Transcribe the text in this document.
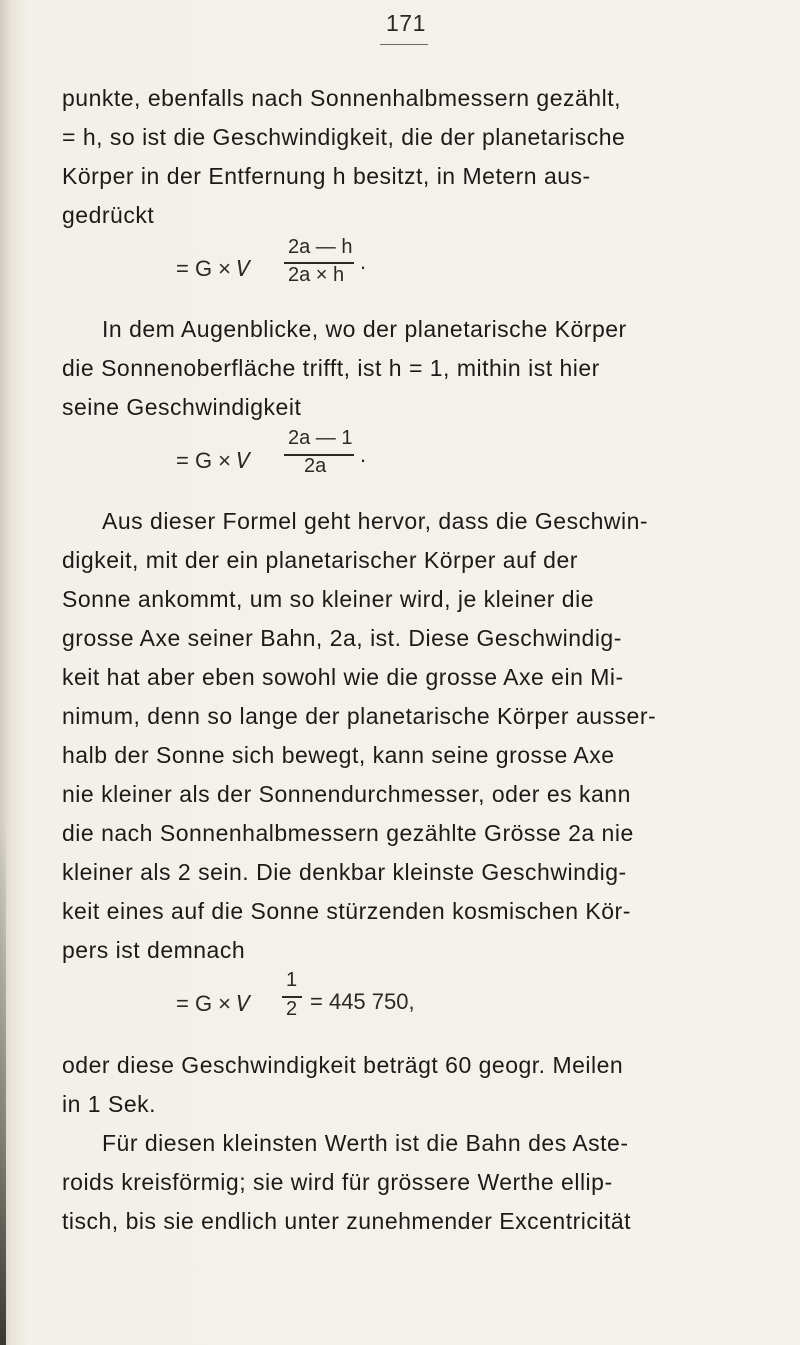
171
punkte, ebenfalls nach Sonnenhalbmessern gezählt,
= h, so ist die Geschwindigkeit, die der planetarische
Körper in der Entfernung h besitzt, in Metern aus-
gedrückt
= G × 𝑉
2a — h
2a × h
.
In dem Augenblicke, wo der planetarische Körper
die Sonnenoberfläche trifft, ist h = 1, mithin ist hier
seine Geschwindigkeit
= G × 𝑉
2a — 1
2a .
Aus dieser Formel geht hervor, dass die Geschwin-
digkeit, mit der ein planetarischer Körper auf der
Sonne ankommt, um so kleiner wird, je kleiner die
grosse Axe seiner Bahn, 2a, ist. Diese Geschwindig-
keit hat aber eben sowohl wie die grosse Axe ein Mi-
nimum, denn so lange der planetarische Körper ausser-
halb der Sonne sich bewegt, kann seine grosse Axe
nie kleiner als der Sonnendurchmesser, oder es kann
die nach Sonnenhalbmessern gezählte Grösse 2a nie
kleiner als 2 sein. Die denkbar kleinste Geschwindig-
keit eines auf die Sonne stürzenden kosmischen Kör-
pers ist demnach
= G × 𝑉
1
2 = 445 750,
oder diese Geschwindigkeit beträgt 60 geogr. Meilen
in 1 Sek.
Für diesen kleinsten Werth ist die Bahn des Aste-
roids kreisförmig; sie wird für grössere Werthe ellip-
tisch, bis sie endlich unter zunehmender Excentricität
